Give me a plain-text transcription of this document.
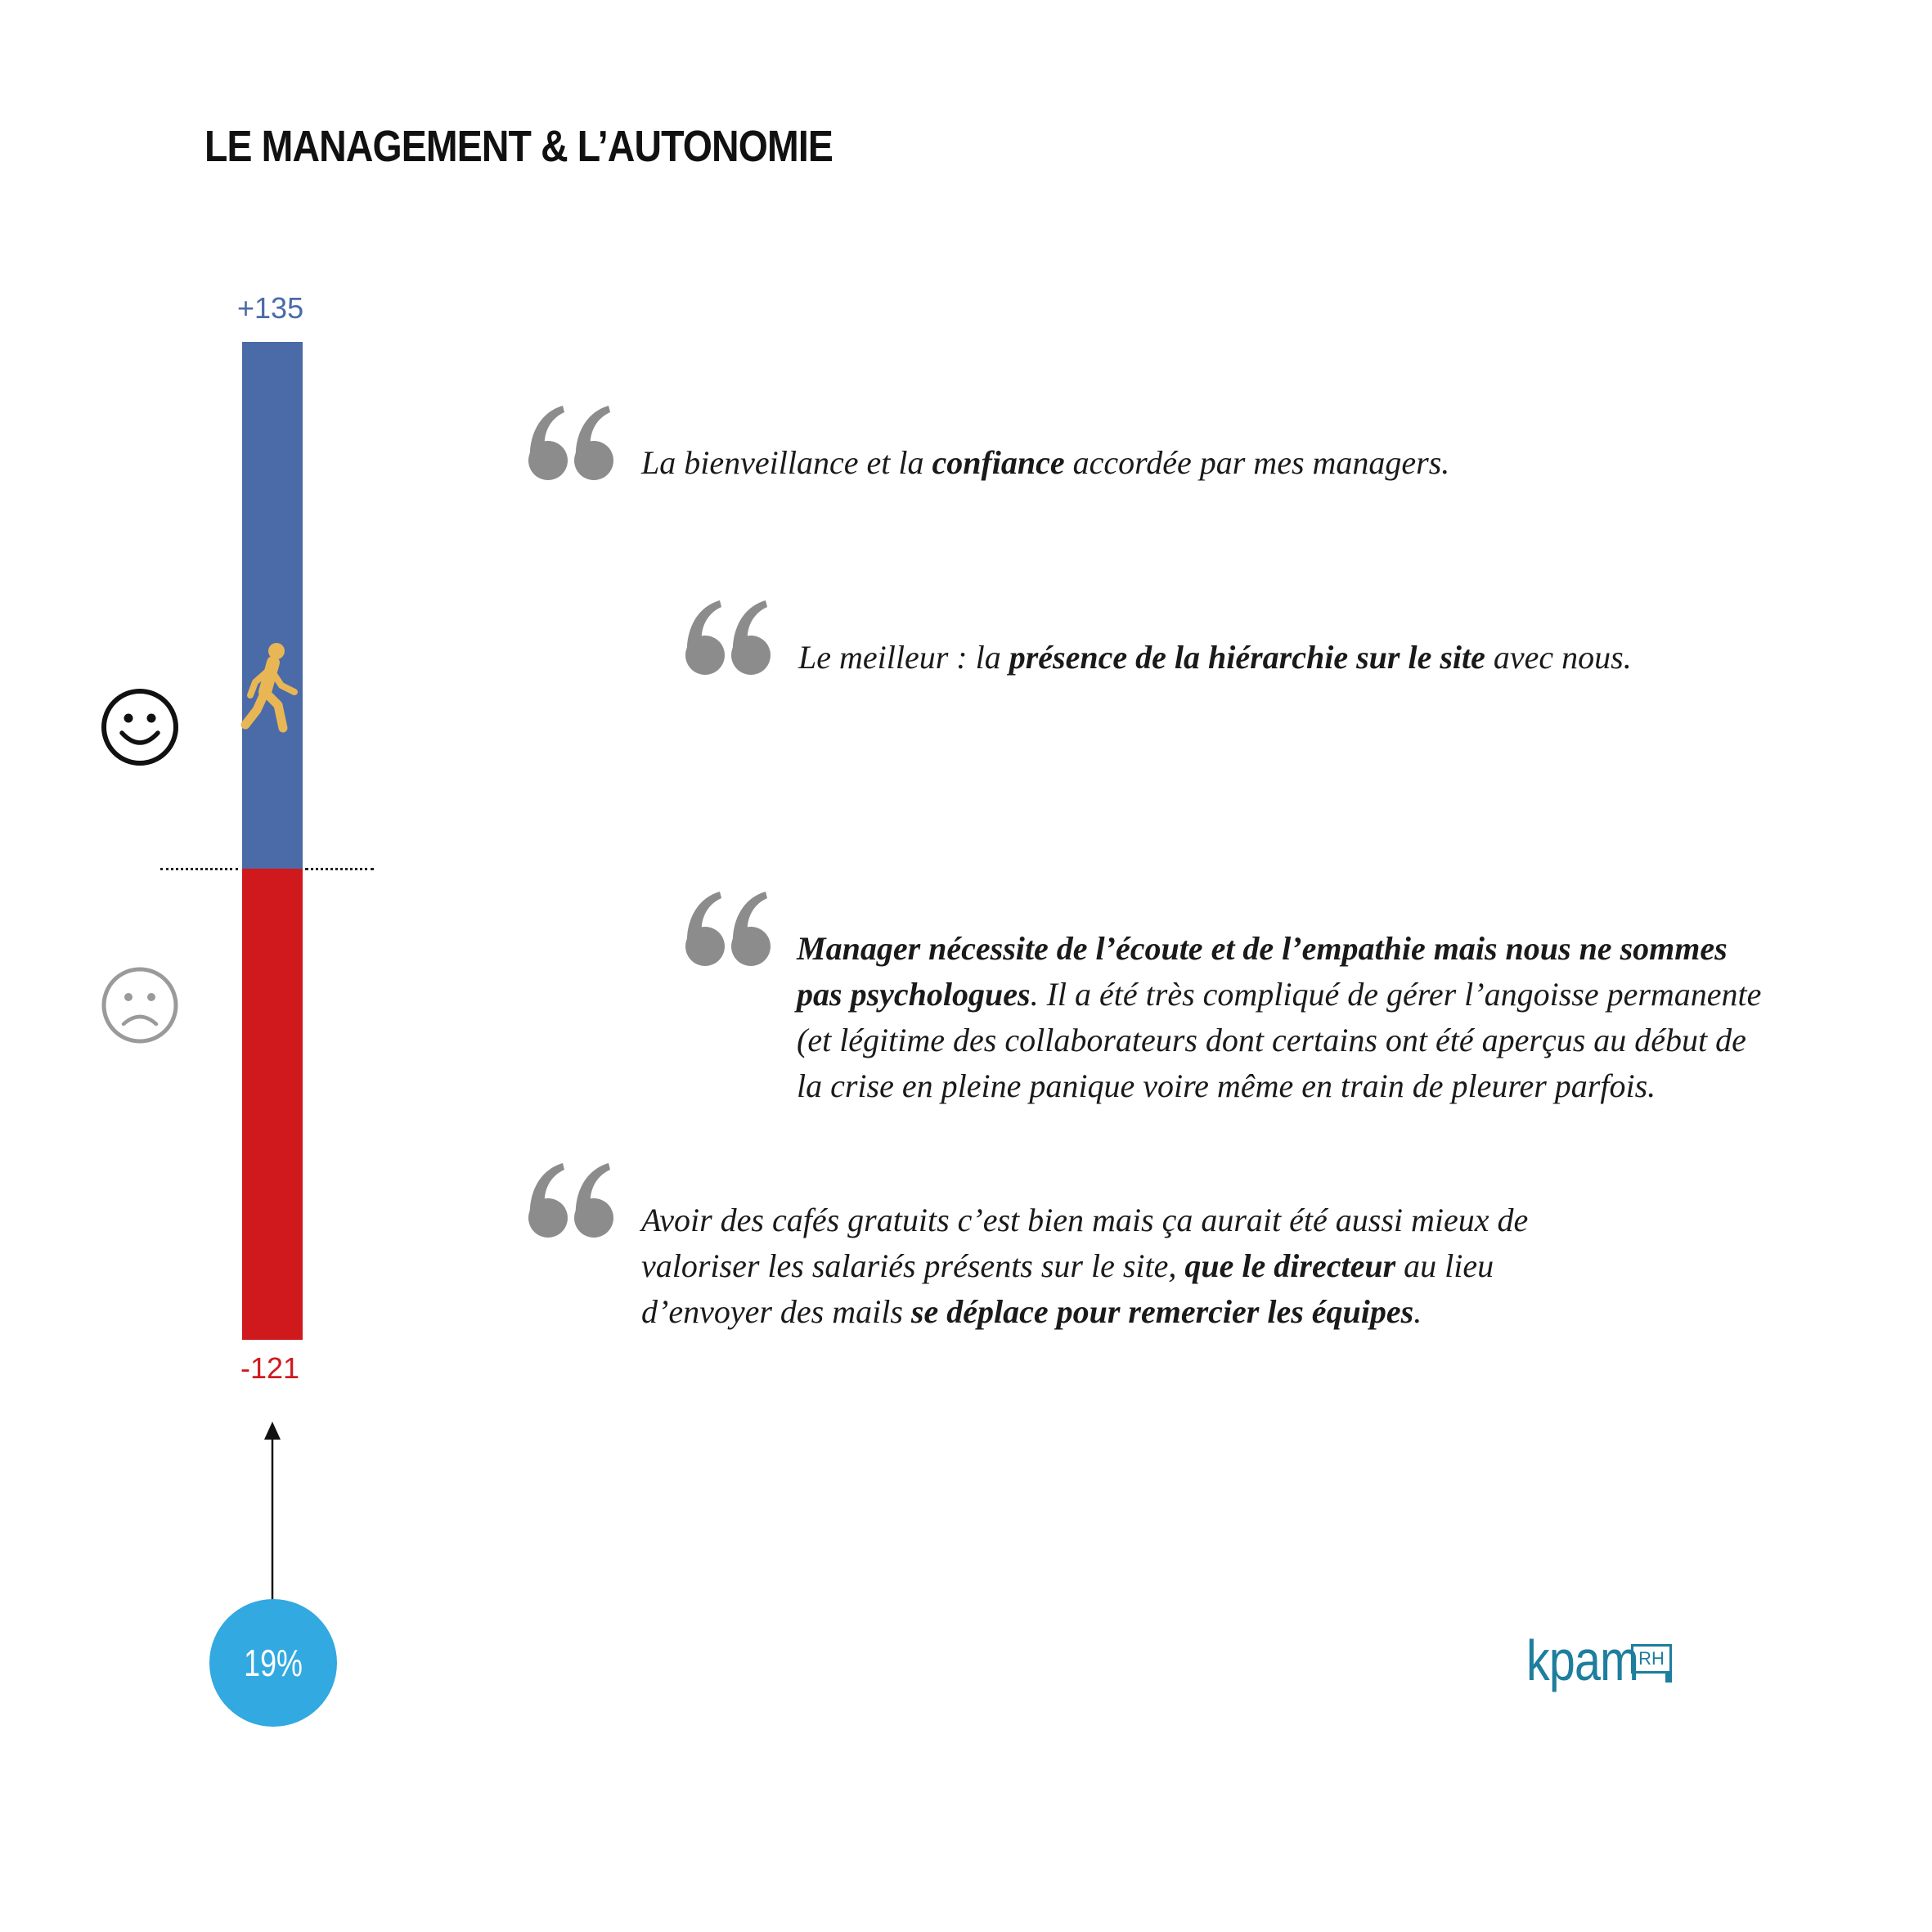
LE MANAGEMENT & L’AUTONOMIE
+135
-121
19%
La bienveillance et la confiance accordée par mes managers.
Le meilleur : la présence de la hiérarchie sur le site avec nous.
Manager nécessite de l’écoute et de l’empathie mais nous ne sommes pas psychologues. Il a été très compliqué de gérer l’angoisse permanente (et légitime des collaborateurs dont certains ont été aperçus au début de la crise en pleine panique voire même en train de pleurer parfois.
Avoir des cafés gratuits c’est bien mais ça aurait été aussi mieux de valoriser les salariés présents sur le site, que le directeur au lieu d’envoyer des mails se déplace pour remercier les équipes.
kpam RH
